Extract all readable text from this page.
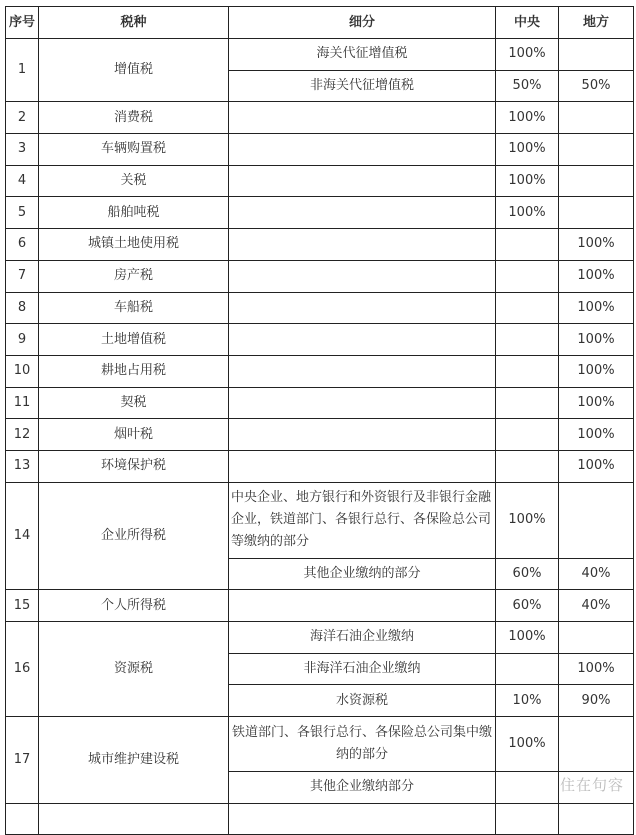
序号	税种	细分	中央	地方
1	增值税	海关代征增值税	100%	
		非海关代征增值税	50%	50%
2	消费税		100%	
3	车辆购置税		100%	
4	关税		100%	
5	船舶吨税		100%	
6	城镇土地使用税			100%
7	房产税			100%
8	车船税			100%
9	土地增值税			100%
10	耕地占用税			100%
11	契税			100%
12	烟叶税			100%
13	环境保护税			100%
14	企业所得税	中央企业、地方银行和外资银行及非银行金融企业，铁道部门、各银行总行、各保险总公司等缴纳的部分	100%	
		其他企业缴纳的部分	60%	40%
15	个人所得税		60%	40%
16	资源税	海洋石油企业缴纳	100%	
		非海洋石油企业缴纳		100%
		水资源税	10%	90%
17	城市维护建设税	铁道部门、各银行总行、各保险总公司集中缴纳的部分	100%	
		其他企业缴纳部分		
					住在句容
